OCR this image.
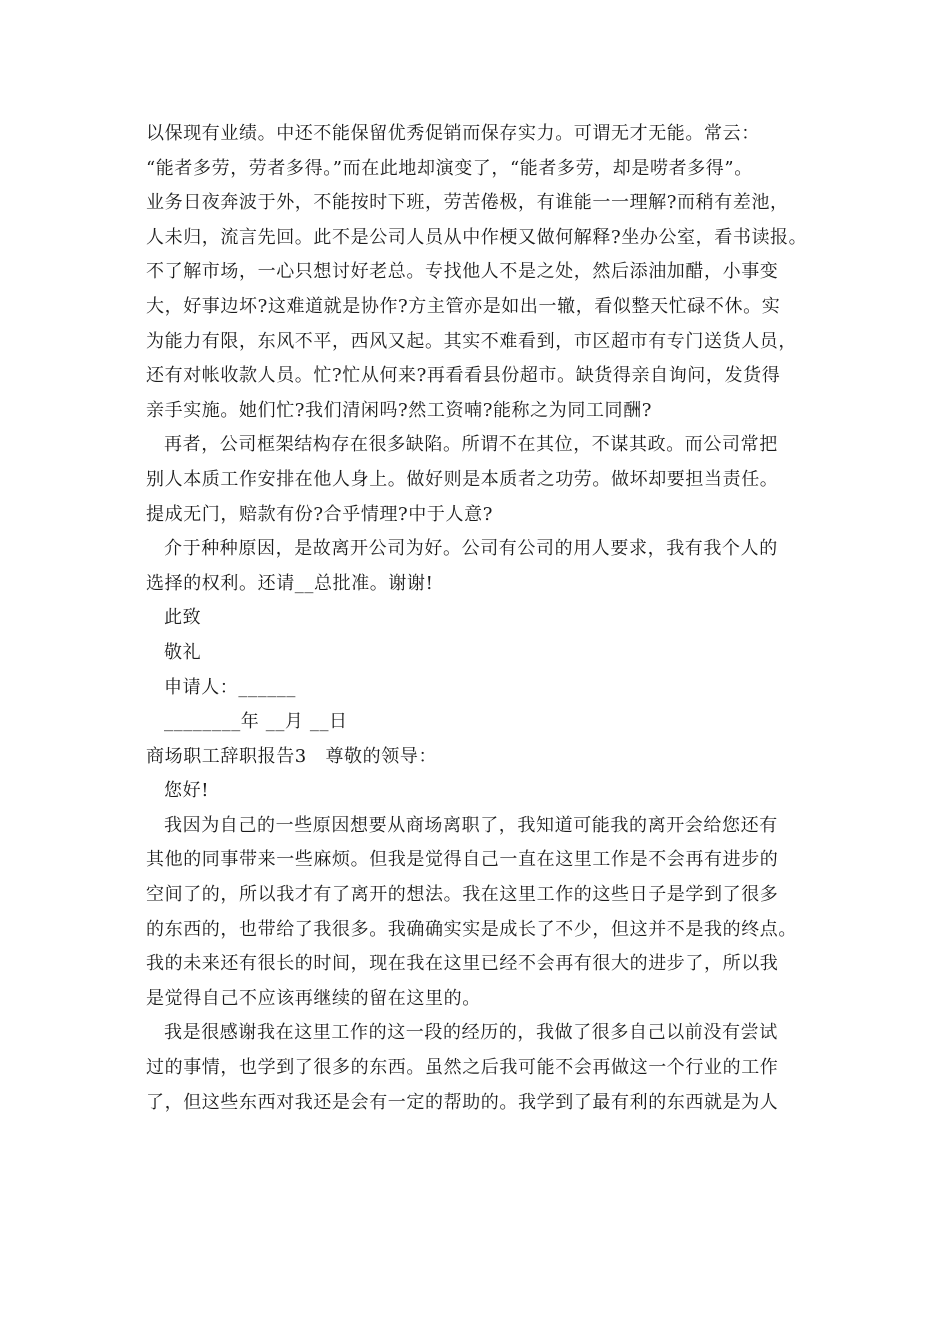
以保现有业绩。中还不能保留优秀促销而保存实力。可谓无才无能。常云：
“能者多劳，劳者多得。”而在此地却演变了，“能者多劳，却是唠者多得”。
业务日夜奔波于外，不能按时下班，劳苦倦极，有谁能一一理解?而稍有差池，
人未归，流言先回。此不是公司人员从中作梗又做何解释?坐办公室，看书读报。
不了解市场，一心只想讨好老总。专找他人不是之处，然后添油加醋，小事变
大，好事边坏?这难道就是协作?方主管亦是如出一辙，看似整天忙碌不休。实
为能力有限，东风不平，西风又起。其实不难看到，市区超市有专门送货人员，
还有对帐收款人员。忙?忙从何来?再看看县份超市。缺货得亲自询问，发货得
亲手实施。她们忙?我们清闲吗?然工资喃?能称之为同工同酬?
再者，公司框架结构存在很多缺陷。所谓不在其位，不谋其政。而公司常把
别人本质工作安排在他人身上。做好则是本质者之功劳。做坏却要担当责任。
提成无门，赔款有份?合乎情理?中于人意?
介于种种原因，是故离开公司为好。公司有公司的用人要求，我有我个人的
选择的权利。还请__总批准。谢谢!
此致
敬礼
申请人：______
________年 __月 __日
商场职工辞职报告3　尊敬的领导：
您好!
我因为自己的一些原因想要从商场离职了，我知道可能我的离开会给您还有
其他的同事带来一些麻烦。但我是觉得自己一直在这里工作是不会再有进步的
空间了的，所以我才有了离开的想法。我在这里工作的这些日子是学到了很多
的东西的，也带给了我很多。我确确实实是成长了不少，但这并不是我的终点。
我的未来还有很长的时间，现在我在这里已经不会再有很大的进步了，所以我
是觉得自己不应该再继续的留在这里的。
我是很感谢我在这里工作的这一段的经历的，我做了很多自己以前没有尝试
过的事情，也学到了很多的东西。虽然之后我可能不会再做这一个行业的工作
了，但这些东西对我还是会有一定的帮助的。我学到了最有利的东西就是为人
